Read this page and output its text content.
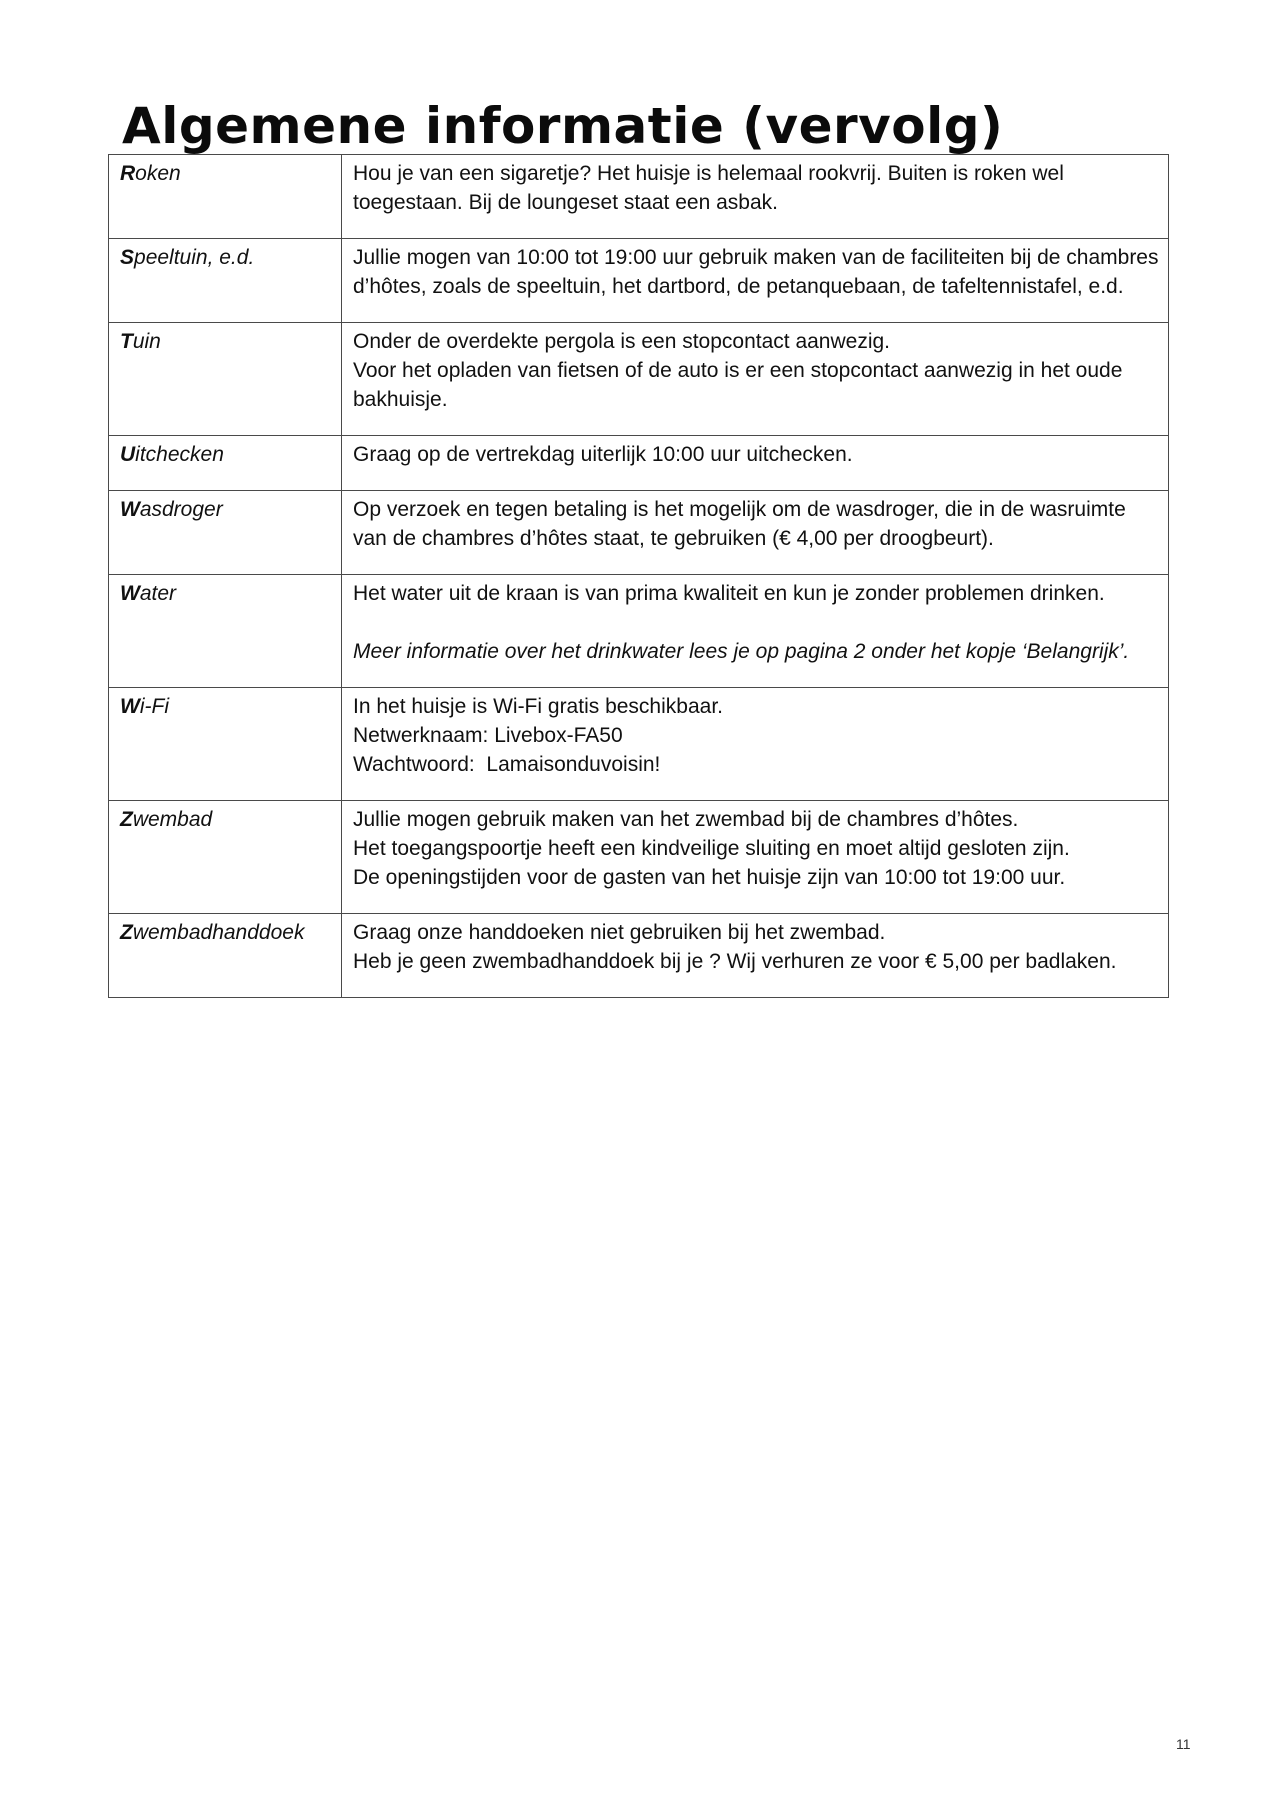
Algemene informatie (vervolg)
Roken	Hou je van een sigaretje? Het huisje is helemaal rookvrij. Buiten is roken wel toegestaan. Bij de loungeset staat een asbak.

Speeltuin, e.d.	Jullie mogen van 10:00 tot 19:00 uur gebruik maken van de faciliteiten bij de chambres d’hôtes, zoals de speeltuin, het dartbord, de petanquebaan, de tafeltennistafel, e.d.

Tuin	Onder de overdekte pergola is een stopcontact aanwezig.
Voor het opladen van fietsen of de auto is er een stopcontact aanwezig in het oude bakhuisje.

Uitchecken	Graag op de vertrekdag uiterlijk 10:00 uur uitchecken.

Wasdroger	Op verzoek en tegen betaling is het mogelijk om de wasdroger, die in de wasruimte van de chambres d’hôtes staat, te gebruiken (€ 4,00 per droogbeurt).

Water	Het water uit de kraan is van prima kwaliteit en kun je zonder problemen drinken.
Meer informatie over het drinkwater lees je op pagina 2 onder het kopje ‘Belangrijk’.

Wi-Fi	In het huisje is Wi-Fi gratis beschikbaar.
Netwerknaam: Livebox-FA50
Wachtwoord:  Lamaisonduvoisin!

Zwembad	Jullie mogen gebruik maken van het zwembad bij de chambres d’hôtes.
Het toegangspoortje heeft een kindveilige sluiting en moet altijd gesloten zijn.
De openingstijden voor de gasten van het huisje zijn van 10:00 tot 19:00 uur.

Zwembadhanddoek	Graag onze handdoeken niet gebruiken bij het zwembad.
Heb je geen zwembadhanddoek bij je ? Wij verhuren ze voor € 5,00 per badlaken.
11
